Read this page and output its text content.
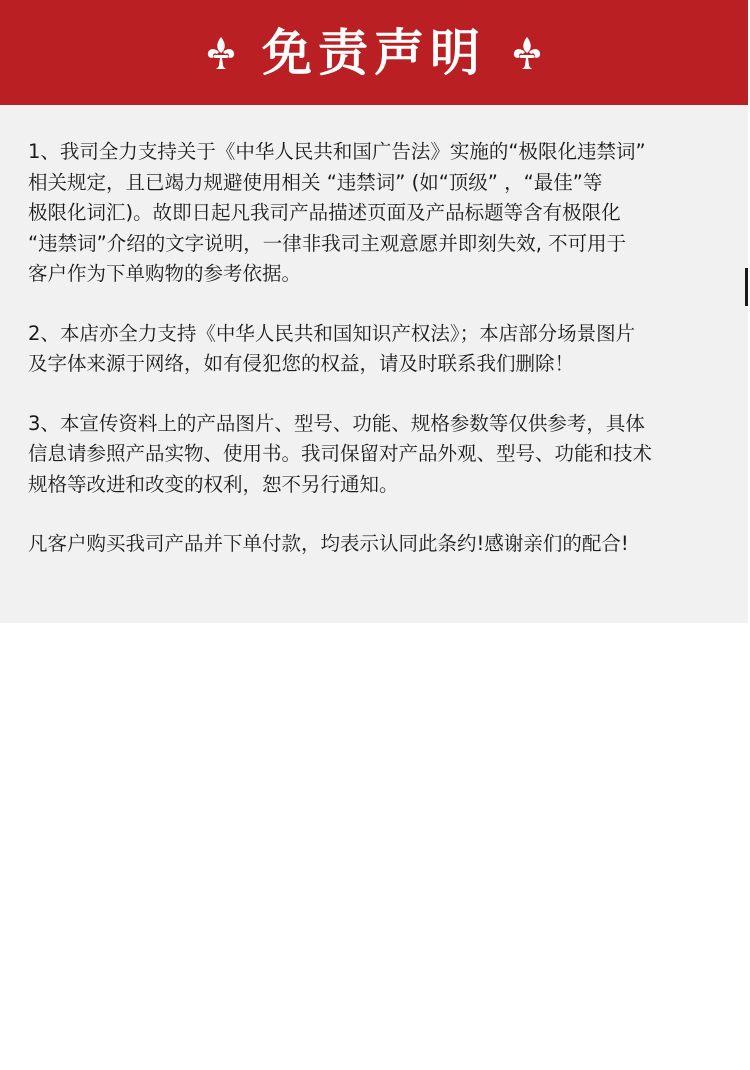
免责声明

1、我司全力支持关于《中华人民共和国广告法》实施的“极限化违禁词”
相关规定，且已竭力规避使用相关 “违禁词” (如“顶级” ，“最佳”等
极限化词汇)。故即日起凡我司产品描述页面及产品标题等含有极限化
“违禁词”介绍的文字说明，一律非我司主观意愿并即刻失效, 不可用于
客户作为下单购物的参考依据。

2、本店亦全力支持《中华人民共和国知识产权法》；本店部分场景图片
及字体来源于网络，如有侵犯您的权益，请及时联系我们删除！

3、本宣传资料上的产品图片、型号、功能、规格参数等仅供参考，具体
信息请参照产品实物、使用书。我司保留对产品外观、型号、功能和技术
规格等改进和改变的权利，恕不另行通知。

凡客户购买我司产品并下单付款，均表示认同此条约!感谢亲们的配合!
